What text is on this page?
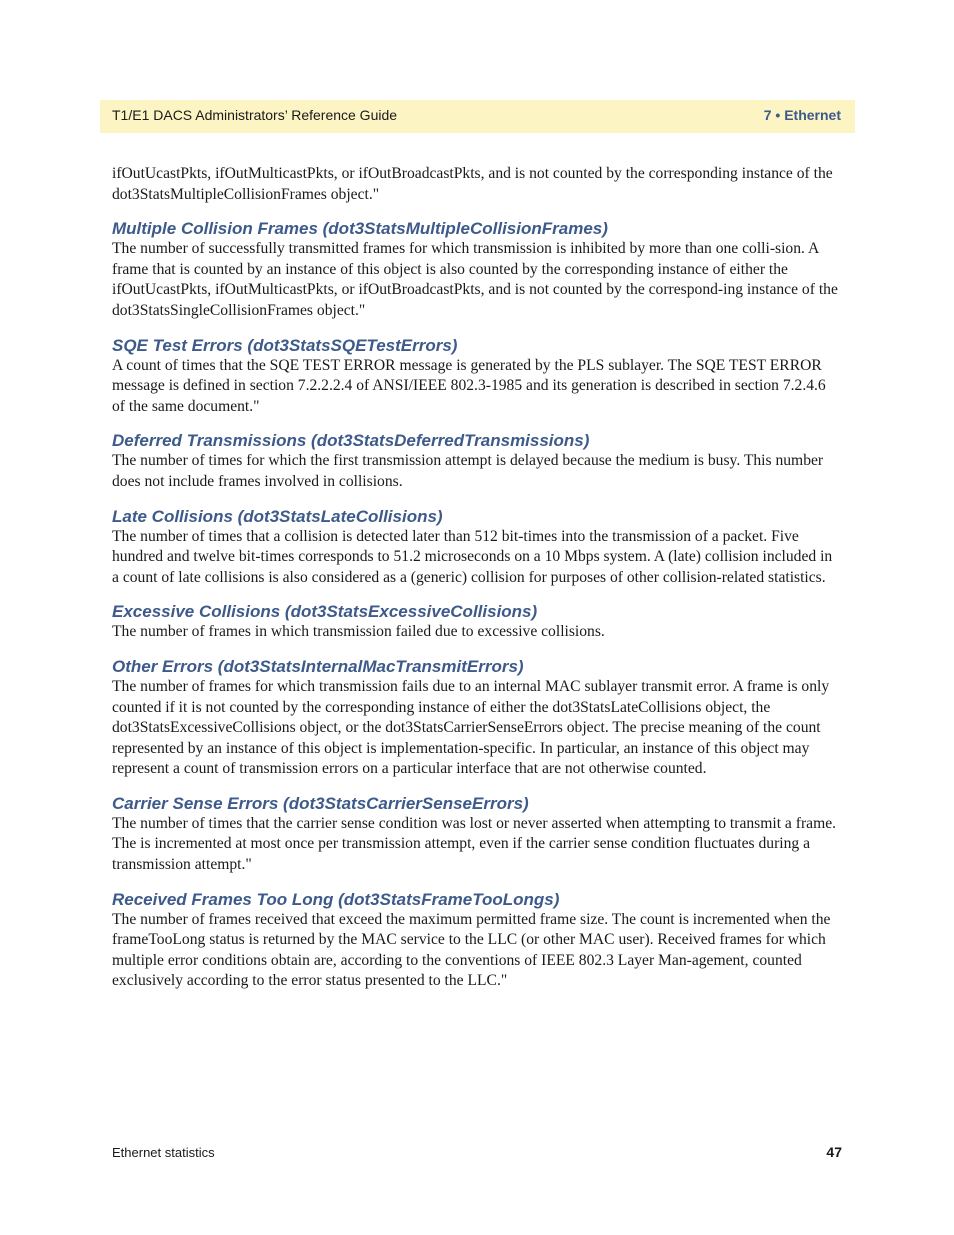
T1/E1 DACS Administrators’ Reference Guide	7 • Ethernet

ifOutUcastPkts, ifOutMulticastPkts, or ifOutBroadcastPkts, and is not counted by the corresponding instance of the dot3StatsMultipleCollisionFrames object."

Multiple Collision Frames (dot3StatsMultipleCollisionFrames)

The number of successfully transmitted frames for which transmission is inhibited by more than one colli-sion. A frame that is counted by an instance of this object is also counted by the corresponding instance of either the ifOutUcastPkts, ifOutMulticastPkts, or ifOutBroadcastPkts, and is not counted by the correspond-ing instance of the dot3StatsSingleCollisionFrames object."

SQE Test Errors (dot3StatsSQETestErrors)

A count of times that the SQE TEST ERROR message is generated by the PLS sublayer. The SQE TEST ERROR message is defined in section 7.2.2.2.4 of ANSI/IEEE 802.3-1985 and its generation is described in section 7.2.4.6 of the same document."

Deferred Transmissions (dot3StatsDeferredTransmissions)

The number of times for which the first transmission attempt is delayed because the medium is busy. This number does not include frames involved in collisions.

Late Collisions (dot3StatsLateCollisions)

The number of times that a collision is detected later than 512 bit-times into the transmission of a packet. Five hundred and twelve bit-times corresponds to 51.2 microseconds on a 10 Mbps system. A (late) collision included in a count of late collisions is also considered as a (generic) collision for purposes of other collision-related statistics.

Excessive Collisions (dot3StatsExcessiveCollisions)

The number of frames in which transmission failed due to excessive collisions.

Other Errors (dot3StatsInternalMacTransmitErrors)

The number of frames for which transmission fails due to an internal MAC sublayer transmit error. A frame is only counted if it is not counted by the corresponding instance of either the dot3StatsLateCollisions object, the dot3StatsExcessiveCollisions object, or the dot3StatsCarrierSenseErrors object. The precise meaning of the count represented by an instance of this object is implementation-specific. In particular, an instance of this object may represent a count of transmission errors on a particular interface that are not otherwise counted.

Carrier Sense Errors (dot3StatsCarrierSenseErrors)

The number of times that the carrier sense condition was lost or never asserted when attempting to transmit a frame. The is incremented at most once per transmission attempt, even if the carrier sense condition fluctuates during a transmission attempt."

Received Frames Too Long (dot3StatsFrameTooLongs)

The number of frames received that exceed the maximum permitted frame size. The count is incremented when the frameTooLong status is returned by the MAC service to the LLC (or other MAC user). Received frames for which multiple error conditions obtain are, according to the conventions of IEEE 802.3 Layer Man-agement, counted exclusively according to the error status presented to the LLC."

Ethernet statistics	47
